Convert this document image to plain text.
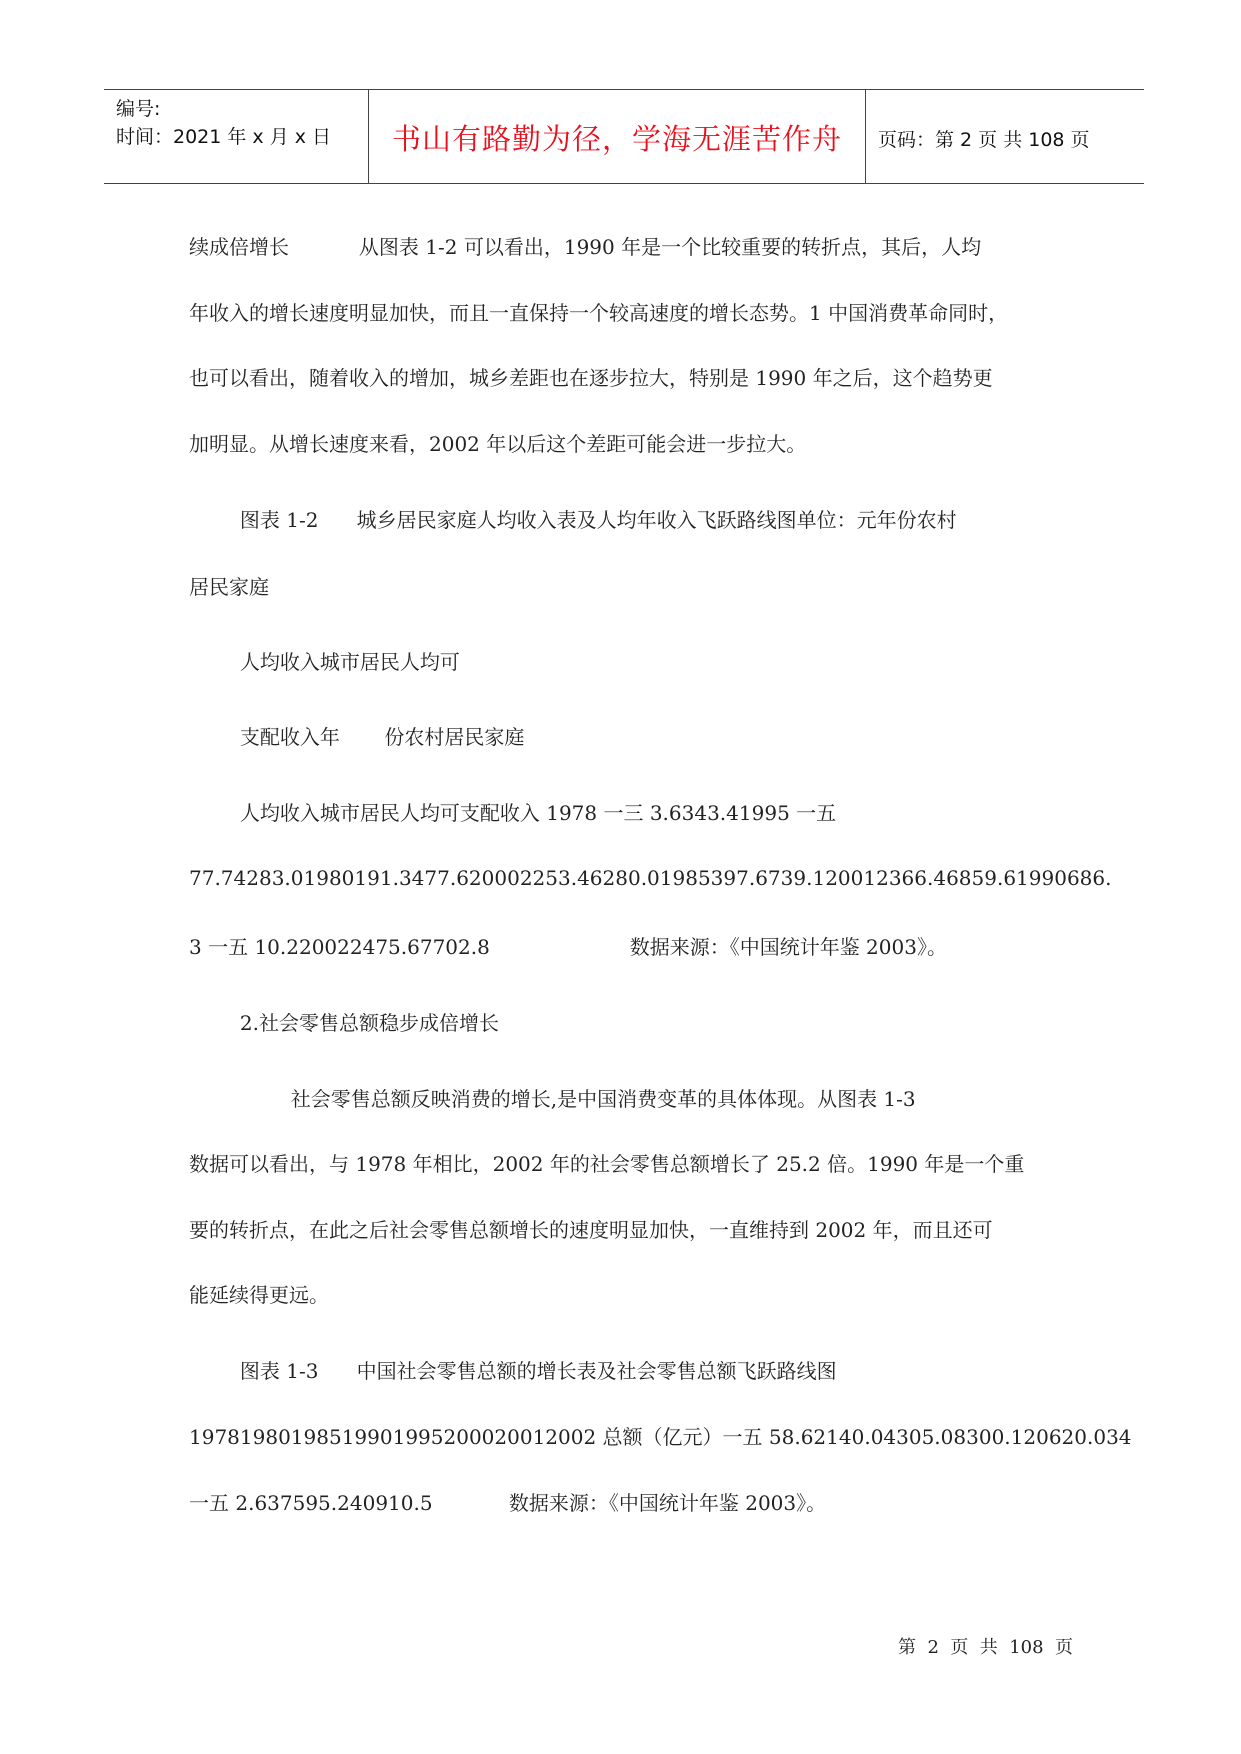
编号:
时间：2021 年 x 月 x 日	书山有路勤为径，学海无涯苦作舟	页码：第 2 页 共 108 页
续成倍增长           从图表 1-2 可以看出，1990 年是一个比较重要的转折点，其后，人均
年收入的增长速度明显加快，而且一直保持一个较高速度的增长态势。1 中国消费革命同时，
也可以看出，随着收入的增加，城乡差距也在逐步拉大，特别是 1990 年之后，这个趋势更
加明显。从增长速度来看，2002 年以后这个差距可能会进一步拉大。
图表 1-2      城乡居民家庭人均收入表及人均年收入飞跃路线图单位：元年份农村
居民家庭
人均收入城市居民人均可
支配收入年       份农村居民家庭
人均收入城市居民人均可支配收入 1978 一三 3.6343.41995 一五
77.74283.01980191.3477.620002253.46280.01985397.6739.120012366.46859.61990686.
3 一五 10.220022475.67702.8                      数据来源：《中国统计年鉴 2003》。
2.社会零售总额稳步成倍增长
社会零售总额反映消费的增长,是中国消费变革的具体体现。从图表 1-3
数据可以看出，与 1978 年相比，2002 年的社会零售总额增长了 25.2 倍。1990 年是一个重
要的转折点，在此之后社会零售总额增长的速度明显加快，一直维持到 2002 年，而且还可
能延续得更远。
图表 1-3      中国社会零售总额的增长表及社会零售总额飞跃路线图
19781980198519901995200020012002 总额（亿元）一五 58.62140.04305.08300.120620.034
一五 2.637595.240910.5            数据来源：《中国统计年鉴 2003》。
第  2  页  共  108  页
